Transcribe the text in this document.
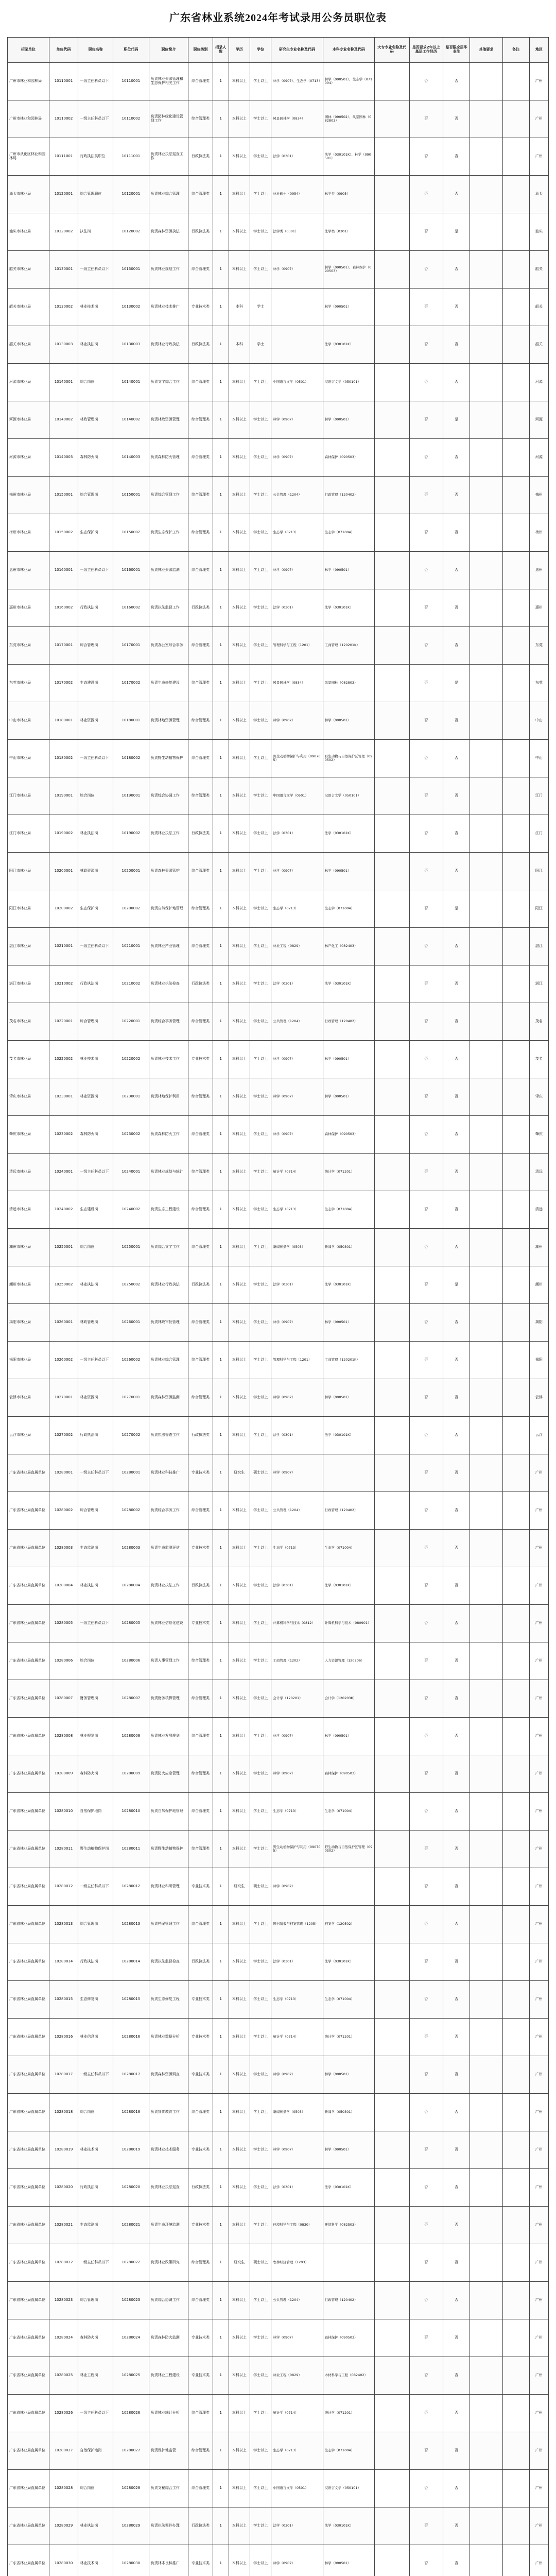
广东省林业系统2024年考试录用公务员职位表
招录单位	单位代码	职位名称	职位代码	职位简介	职位类别	招录人数	学历	学位	研究生专业名称及代码	本科专业名称及代码	大专专业名称及代码	是否要求2年以上基层工作经历	是否限应届毕业生	其他要求	备注	地区
广州市林业和园林局	10110001	一级主任科员以下	10110001	负责林业资源管理和生态保护相关工作	综合管理类	1	本科以上	学士以上	林学（0907）、生态学（0713）	林学（090501）、生态学（071004）		否	否			广州
广州市林业和园林局	10110002	一级主任科员以下	10110002	负责园林绿化建设管理工作	综合管理类	1	本科以上	学士以上	风景园林学（0834）	园林（090502）、风景园林（082803）		否	否			广州
广州市从化区林业和园林局	10111001	行政执法类职位	10111001	负责林业执法巡查工作	行政执法类	1	本科以上	学士以上	法学（0301）	法学（030101K）、林学（090501）		否	否			广州
汕头市林业局	10120001	综合管理职位	10120001	负责林业综合管理	综合管理类	1	本科以上	学士以上	林业硕士（0954）	林学类（0905）		否	否			汕头
汕头市林业局	10120002	执法岗	10120002	负责森林资源执法	行政执法类	1	本科以上	学士以上	法学类（0301）	法学类（0301）		否	是			汕头
韶关市林业局	10130001	一级主任科员以下	10130001	负责林业规划工作	综合管理类	1	本科以上	学士以上	林学（0907）	林学（090501）、森林保护（090503）		否	否			韶关
韶关市林业局	10130002	林业技术岗	10130002	负责林业技术推广	专业技术类	1	本科	学士		林学（090501）		否	否			韶关
韶关市林业局	10130003	林业执法岗	10130003	负责林业行政执法	行政执法类	1	本科	学士		法学（030101K）		否	否			韶关
河源市林业局	10140001	综合岗位	10140001	负责文字综合工作	综合管理类	1	本科以上	学士以上	中国语言文学（0501）	汉语言文学（050101）		否	否			河源
河源市林业局	10140002	林政管理岗	10140002	负责林政资源管理	综合管理类	1	本科以上	学士以上	林学（0907）	林学（090501）		否	是			河源
河源市林业局	10140003	森林防火岗	10140003	负责森林防火管理	综合管理类	1	本科以上	学士以上	林学（0907）	森林保护（090503）		否	否			河源
梅州市林业局	10150001	综合管理岗	10150001	负责综合管理工作	综合管理类	1	本科以上	学士以上	公共管理（1204）	行政管理（120402）		否	否			梅州
梅州市林业局	10150002	生态保护岗	10150002	负责生态保护工作	综合管理类	1	本科以上	学士以上	生态学（0713）	生态学（071004）		否	否			梅州
惠州市林业局	10160001	一级主任科员以下	10160001	负责林业资源监测	综合管理类	1	本科以上	学士以上	林学（0907）	林学（090501）		否	否			惠州
惠州市林业局	10160002	行政执法岗	10160002	负责执法监督工作	行政执法类	1	本科以上	学士以上	法学（0301）	法学（030101K）		否	否			惠州
东莞市林业局	10170001	综合管理岗	10170001	负责办公室综合事务	综合管理类	1	本科以上	学士以上	管理科学与工程（1201）	工商管理（120201K）		否	否			东莞
东莞市林业局	10170002	生态建设岗	10170002	负责生态修复建设	综合管理类	1	本科以上	学士以上	风景园林学（0834）	风景园林（082803）		否	是			东莞
中山市林业局	10180001	林业资源岗	10180001	负责林地资源管理	综合管理类	1	本科以上	学士以上	林学（0907）	林学（090501）		否	否			中山
中山市林业局	10180002	一级主任科员以下	10180002	负责野生动植物保护	综合管理类	1	本科以上	学士以上	野生动植物保护与利用（090705）	野生动物与自然保护区管理（090502）		否	否			中山
江门市林业局	10190001	综合岗位	10190001	负责综合协调工作	综合管理类	1	本科以上	学士以上	中国语言文学（0501）	汉语言文学（050101）		否	否			江门
江门市林业局	10190002	林业执法岗	10190002	负责林业执法工作	行政执法类	1	本科以上	学士以上	法学（0301）	法学（030101K）		否	否			江门
阳江市林业局	10200001	林政资源岗	10200001	负责森林资源管护	综合管理类	1	本科以上	学士以上	林学（0907）	林学（090501）		否	否			阳江
阳江市林业局	10200002	生态保护岗	10200002	负责自然保护地管理	综合管理类	1	本科以上	学士以上	生态学（0713）	生态学（071004）		否	是			阳江
湛江市林业局	10210001	一级主任科员以下	10210001	负责林业产业管理	综合管理类	1	本科以上	学士以上	林业工程（0829）	林产化工（082403）		否	否			湛江
湛江市林业局	10210002	行政执法岗	10210002	负责林业执法检查	行政执法类	1	本科以上	学士以上	法学（0301）	法学（030101K）		否	否			湛江
茂名市林业局	10220001	综合管理岗	10220001	负责综合事务管理	综合管理类	1	本科以上	学士以上	公共管理（1204）	行政管理（120402）		否	否			茂名
茂名市林业局	10220002	林业技术岗	10220002	负责林业技术工作	专业技术类	1	本科以上	学士以上	林学（0907）	林学（090501）		否	否			茂名
肇庆市林业局	10230001	林业资源岗	10230001	负责林地保护利用	综合管理类	1	本科以上	学士以上	林学（0907）	林学（090501）		否	否			肇庆
肇庆市林业局	10230002	森林防火岗	10230002	负责森林防火工作	综合管理类	1	本科以上	学士以上	林学（0907）	森林保护（090503）		否	否			肇庆
清远市林业局	10240001	一级主任科员以下	10240001	负责林业规划与统计	综合管理类	1	本科以上	学士以上	统计学（0714）	统计学（071201）		否	否			清远
清远市林业局	10240002	生态建设岗	10240002	负责生态工程建设	综合管理类	1	本科以上	学士以上	生态学（0713）	生态学（071004）		否	否			清远
潮州市林业局	10250001	综合岗位	10250001	负责综合文字工作	综合管理类	1	本科以上	学士以上	新闻传播学（0503）	新闻学（050301）		否	否			潮州
潮州市林业局	10250002	林业执法岗	10250002	负责林业行政执法	行政执法类	1	本科以上	学士以上	法学（0301）	法学（030101K）		否	是			潮州
揭阳市林业局	10260001	林政管理岗	10260001	负责林政审批管理	综合管理类	1	本科以上	学士以上	林学（0907）	林学（090501）		否	否			揭阳
揭阳市林业局	10260002	一级主任科员以下	10260002	负责林业综合管理	综合管理类	1	本科以上	学士以上	管理科学与工程（1201）	工商管理（120201K）		否	否			揭阳
云浮市林业局	10270001	林业资源岗	10270001	负责森林资源监测	综合管理类	1	本科以上	学士以上	林学（0907）	林学（090501）		否	否			云浮
云浮市林业局	10270002	行政执法岗	10270002	负责执法督查工作	行政执法类	1	本科以上	学士以上	法学（0301）	法学（030101K）		否	否			云浮
广东省林业局直属单位	10280001	一级主任科员以下	10280001	负责林业科技推广	专业技术类	1	研究生	硕士以上	林学（0907）			否	否			广州
广东省林业局直属单位	10280002	综合管理岗	10280002	负责综合事务工作	综合管理类	1	本科以上	学士以上	公共管理（1204）	行政管理（120402）		否	否			广州
广东省林业局直属单位	10280003	生态监测岗	10280003	负责生态监测评估	专业技术类	1	本科以上	学士以上	生态学（0713）	生态学（071004）		否	否			广州
广东省林业局直属单位	10280004	林业执法岗	10280004	负责林业执法工作	行政执法类	1	本科以上	学士以上	法学（0301）	法学（030101K）		否	否			广州
广东省林业局直属单位	10280005	一级主任科员以下	10280005	负责林业信息化建设	专业技术类	1	本科以上	学士以上	计算机科学与技术（0812）	计算机科学与技术（080901）		否	否			广州
广东省林业局直属单位	10280006	综合岗位	10280006	负责人事管理工作	综合管理类	1	本科以上	学士以上	工商管理（1202）	人力资源管理（120206）		否	否			广州
广东省林业局直属单位	10280007	财务管理岗	10280007	负责财务核算管理	综合管理类	1	本科以上	学士以上	会计学（120201）	会计学（120203K）		否	否			广州
广东省林业局直属单位	10280008	林业规划岗	10280008	负责林业发展规划	综合管理类	1	本科以上	学士以上	林学（0907）	林学（090501）		否	否			广州
广东省林业局直属单位	10280009	森林防火岗	10280009	负责防火应急管理	综合管理类	1	本科以上	学士以上	林学（0907）	森林保护（090503）		否	否			广州
广东省林业局直属单位	10280010	自然保护地岗	10280010	负责自然保护地管理	综合管理类	1	本科以上	学士以上	生态学（0713）	生态学（071004）		否	否			广州
广东省林业局直属单位	10280011	野生动植物保护岗	10280011	负责野生动植物保护	综合管理类	1	本科以上	学士以上	野生动植物保护与利用（090705）	野生动物与自然保护区管理（090502）		否	否			广州
广东省林业局直属单位	10280012	一级主任科员以下	10280012	负责林业科研管理	专业技术类	1	研究生	硕士以上	林学（0907）			否	否			广州
广东省林业局直属单位	10280013	综合管理岗	10280013	负责档案管理工作	综合管理类	1	本科以上	学士以上	图书情报与档案管理（1205）	档案学（120502）		否	否			广州
广东省林业局直属单位	10280014	行政执法岗	10280014	负责执法监督检查	行政执法类	1	本科以上	学士以上	法学（0301）	法学（030101K）		否	否			广州
广东省林业局直属单位	10280015	生态修复岗	10280015	负责生态修复工程	专业技术类	1	本科以上	学士以上	生态学（0713）	生态学（071004）		否	否			广州
广东省林业局直属单位	10280016	林业信息岗	10280016	负责林业数据分析	专业技术类	1	本科以上	学士以上	统计学（0714）	统计学（071201）		否	否			广州
广东省林业局直属单位	10280017	一级主任科员以下	10280017	负责森林资源调查	专业技术类	1	本科以上	学士以上	林学（0907）	林学（090501）		否	否			广州
广东省林业局直属单位	10280018	综合岗位	10280018	负责宣传教育工作	综合管理类	1	本科以上	学士以上	新闻传播学（0503）	新闻学（050301）		否	否			广州
广东省林业局直属单位	10280019	林业技术岗	10280019	负责林业技术服务	专业技术类	1	本科以上	学士以上	林学（0907）	林学（090501）		否	否			广州
广东省林业局直属单位	10280020	行政执法岗	10280020	负责林业执法巡查	行政执法类	1	本科以上	学士以上	法学（0301）	法学（030101K）		否	否			广州
广东省林业局直属单位	10280021	生态监测岗	10280021	负责生态环境监测	专业技术类	1	本科以上	学士以上	环境科学与工程（0830）	环境科学（082503）		否	否			广州
广东省林业局直属单位	10280022	一级主任科员以下	10280022	负责林业政策研究	综合管理类	1	研究生	硕士以上	农林经济管理（1203）			否	否			广州
广东省林业局直属单位	10280023	综合管理岗	10280023	负责综合协调工作	综合管理类	1	本科以上	学士以上	公共管理（1204）	行政管理（120402）		否	否			广州
广东省林业局直属单位	10280024	森林防火岗	10280024	负责森林防火监测	专业技术类	1	本科以上	学士以上	林学（0907）	森林保护（090503）		否	否			广州
广东省林业局直属单位	10280025	林业工程岗	10280025	负责林业工程建设	专业技术类	1	本科以上	学士以上	林业工程（0829）	木材科学与工程（082402）		否	否			广州
广东省林业局直属单位	10280026	一级主任科员以下	10280026	负责林业统计分析	综合管理类	1	本科以上	学士以上	统计学（0714）	统计学（071201）		否	否			广州
广东省林业局直属单位	10280027	自然保护地岗	10280027	负责保护地监管	综合管理类	1	本科以上	学士以上	生态学（0713）	生态学（071004）		否	否			广州
广东省林业局直属单位	10280028	综合岗位	10280028	负责文秘综合工作	综合管理类	1	本科以上	学士以上	中国语言文学（0501）	汉语言文学（050101）		否	否			广州
广东省林业局直属单位	10280029	林业执法岗	10280029	负责执法案件办理	行政执法类	1	本科以上	学士以上	法学（0301）	法学（030101K）		否	否			广州
广东省林业局直属单位	10280030	林业技术岗	10280030	负责林木良种推广	专业技术类	1	本科以上	学士以上	林学（0907）	林学（090501）		否	否			广州
